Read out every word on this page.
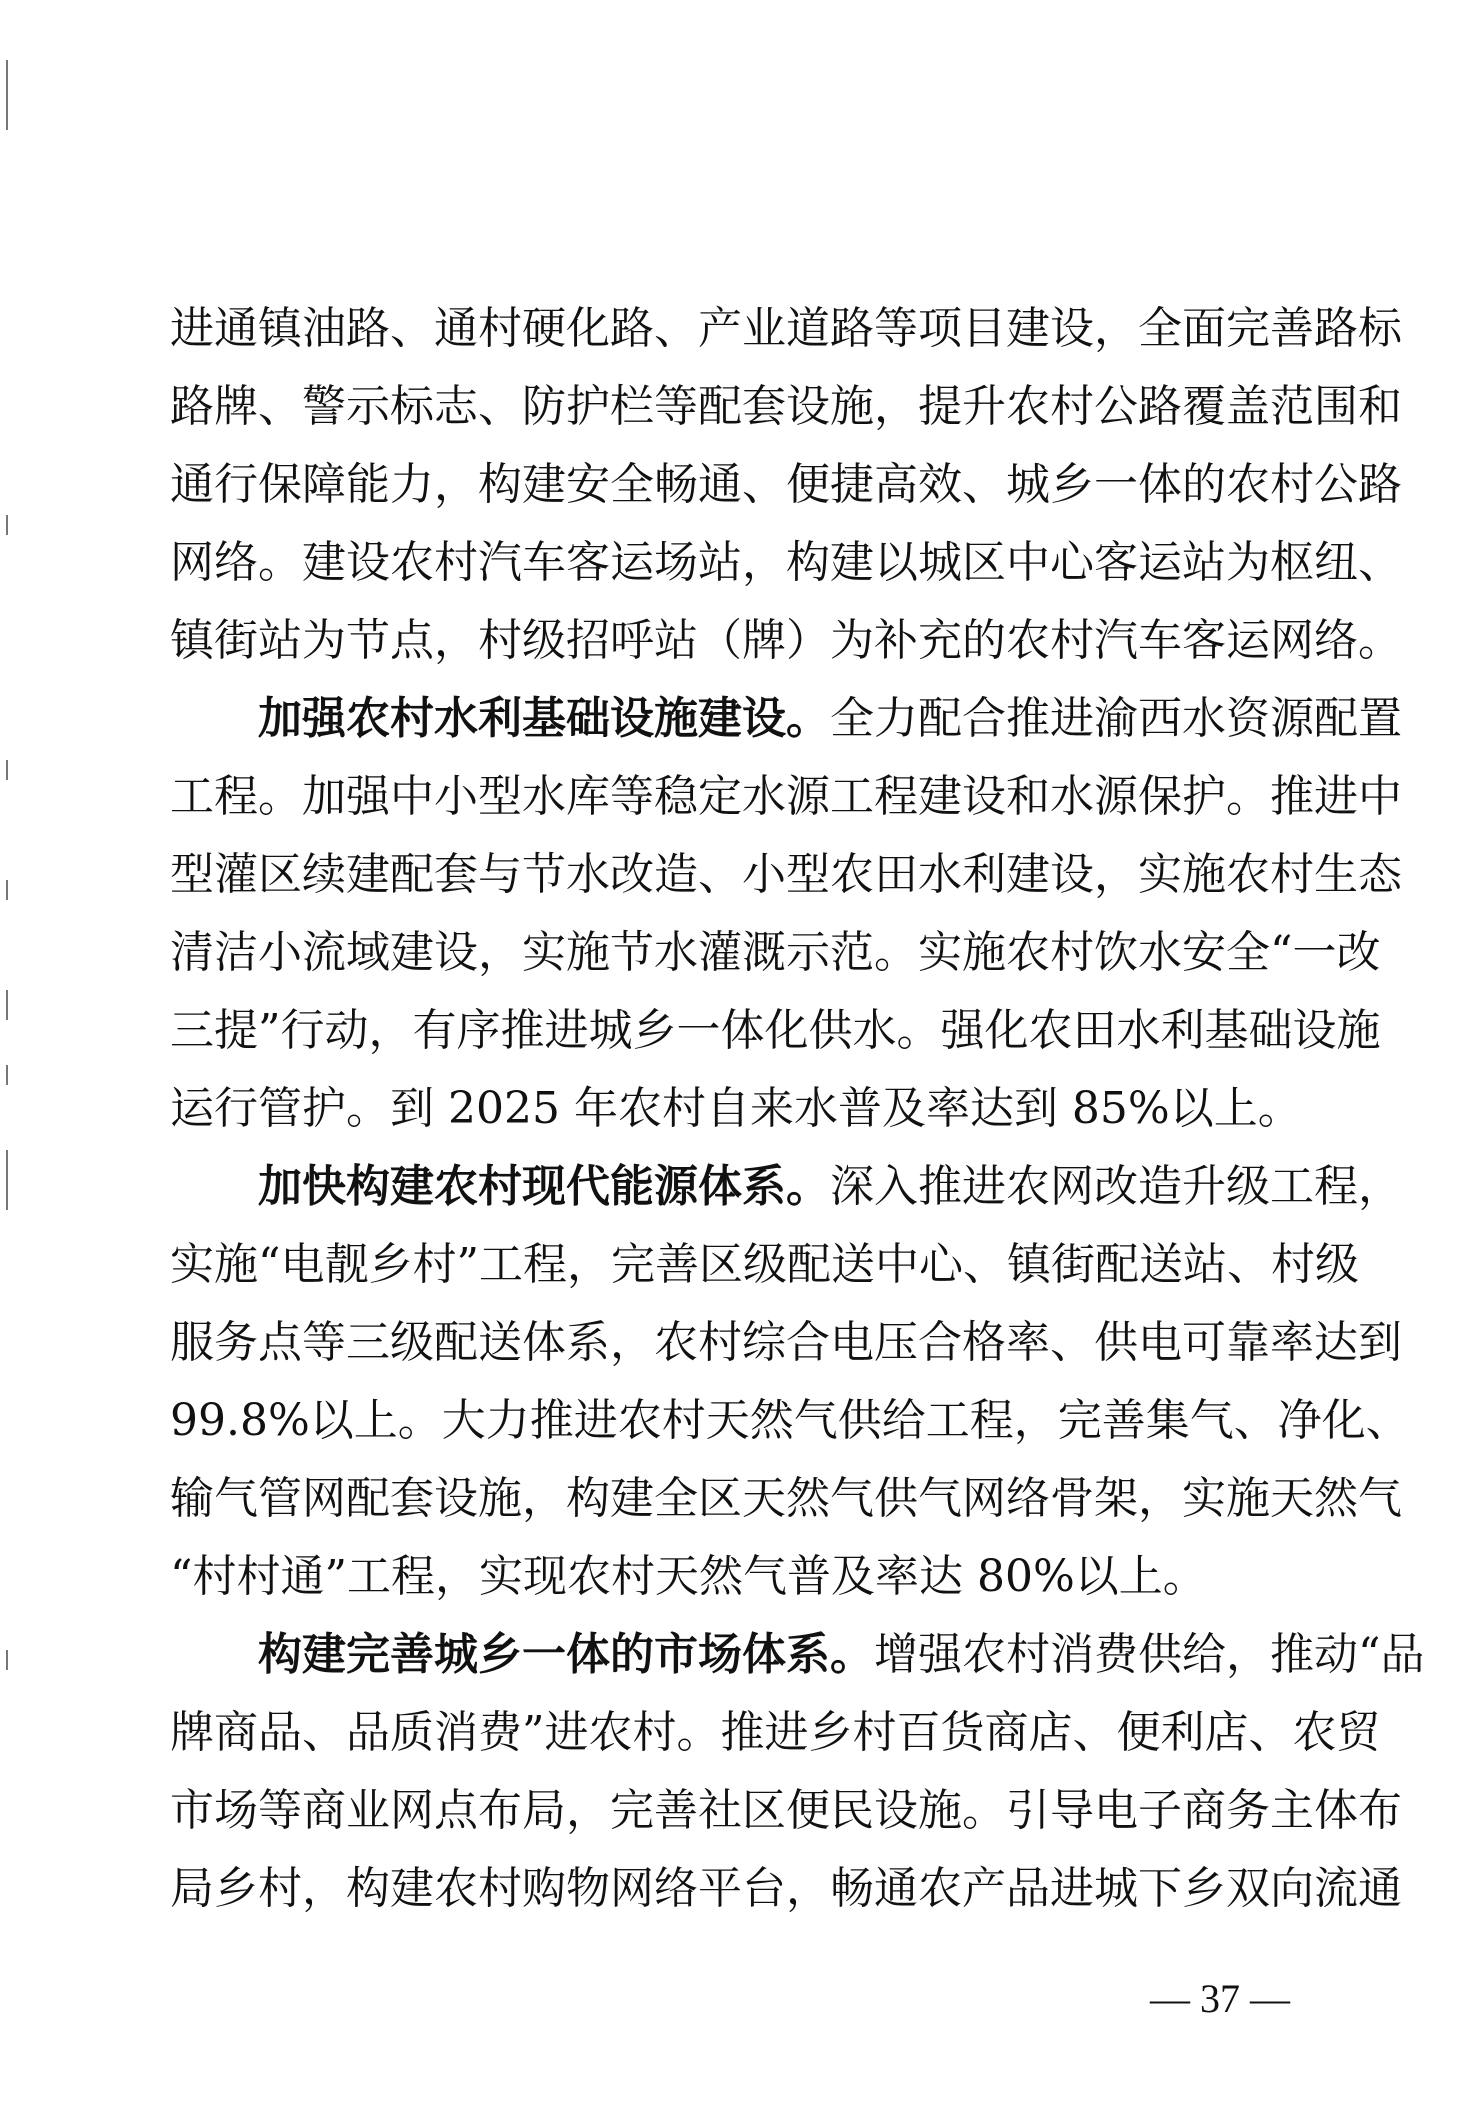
进通镇油路、通村硬化路、产业道路等项目建设，全面完善路标
路牌、警示标志、防护栏等配套设施，提升农村公路覆盖范围和
通行保障能力，构建安全畅通、便捷高效、城乡一体的农村公路
网络。建设农村汽车客运场站，构建以城区中心客运站为枢纽、
镇街站为节点，村级招呼站（牌）为补充的农村汽车客运网络。
加强农村水利基础设施建设。全力配合推进渝西水资源配置
工程。加强中小型水库等稳定水源工程建设和水源保护。推进中
型灌区续建配套与节水改造、小型农田水利建设，实施农村生态
清洁小流域建设，实施节水灌溉示范。实施农村饮水安全“一改
三提”行动，有序推进城乡一体化供水。强化农田水利基础设施
运行管护。到 2025 年农村自来水普及率达到 85%以上。
加快构建农村现代能源体系。深入推进农网改造升级工程，
实施“电靓乡村”工程，完善区级配送中心、镇街配送站、村级
服务点等三级配送体系，农村综合电压合格率、供电可靠率达到
99.8%以上。大力推进农村天然气供给工程，完善集气、净化、
输气管网配套设施，构建全区天然气供气网络骨架，实施天然气
“村村通”工程，实现农村天然气普及率达 80%以上。
构建完善城乡一体的市场体系。增强农村消费供给，推动“品
牌商品、品质消费”进农村。推进乡村百货商店、便利店、农贸
市场等商业网点布局，完善社区便民设施。引导电子商务主体布
局乡村，构建农村购物网络平台，畅通农产品进城下乡双向流通
— 37 —
